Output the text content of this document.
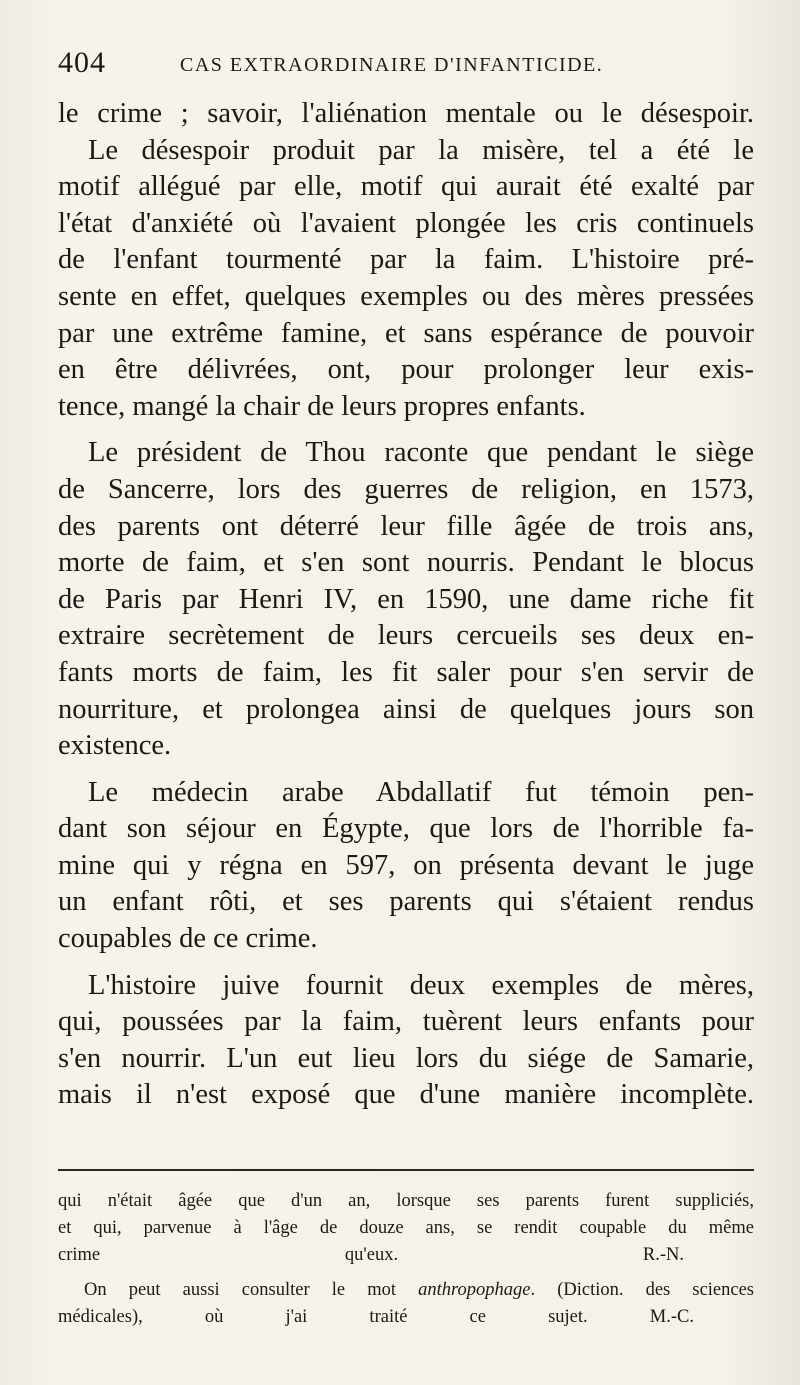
404	CAS EXTRAORDINAIRE D'INFANTICIDE.
le crime ; savoir, l'aliénation mentale ou le désespoir.
Le désespoir produit par la misère, tel a été le
motif allégué par elle, motif qui aurait été exalté par
l'état d'anxiété où l'avaient plongée les cris continuels
de l'enfant tourmenté par la faim. L'histoire pré-
sente en effet, quelques exemples ou des mères pressées
par une extrême famine, et sans espérance de pouvoir
en être délivrées, ont, pour prolonger leur exis-
tence, mangé la chair de leurs propres enfants.
Le président de Thou raconte que pendant le siège
de Sancerre, lors des guerres de religion, en 1573,
des parents ont déterré leur fille âgée de trois ans,
morte de faim, et s'en sont nourris. Pendant le blocus
de Paris par Henri IV, en 1590, une dame riche fit
extraire secrètement de leurs cercueils ses deux en-
fants morts de faim, les fit saler pour s'en servir de
nourriture, et prolongea ainsi de quelques jours son
existence.
Le médecin arabe Abdallatif fut témoin pen-
dant son séjour en Égypte, que lors de l'horrible fa-
mine qui y régna en 597, on présenta devant le juge
un enfant rôti, et ses parents qui s'étaient rendus
coupables de ce crime.
L'histoire juive fournit deux exemples de mères,
qui, poussées par la faim, tuèrent leurs enfants pour
s'en nourrir. L'un eut lieu lors du siége de Samarie,
mais il n'est exposé que d'une manière incomplète.
qui n'était âgée que d'un an, lorsque ses parents furent suppliciés,
et qui, parvenue à l'âge de douze ans, se rendit coupable du même
crime qu'eux.	R.-N.
On peut aussi consulter le mot anthropophage. (Diction. des sciences
médicales), où j'ai traité ce sujet.	M.-C.
